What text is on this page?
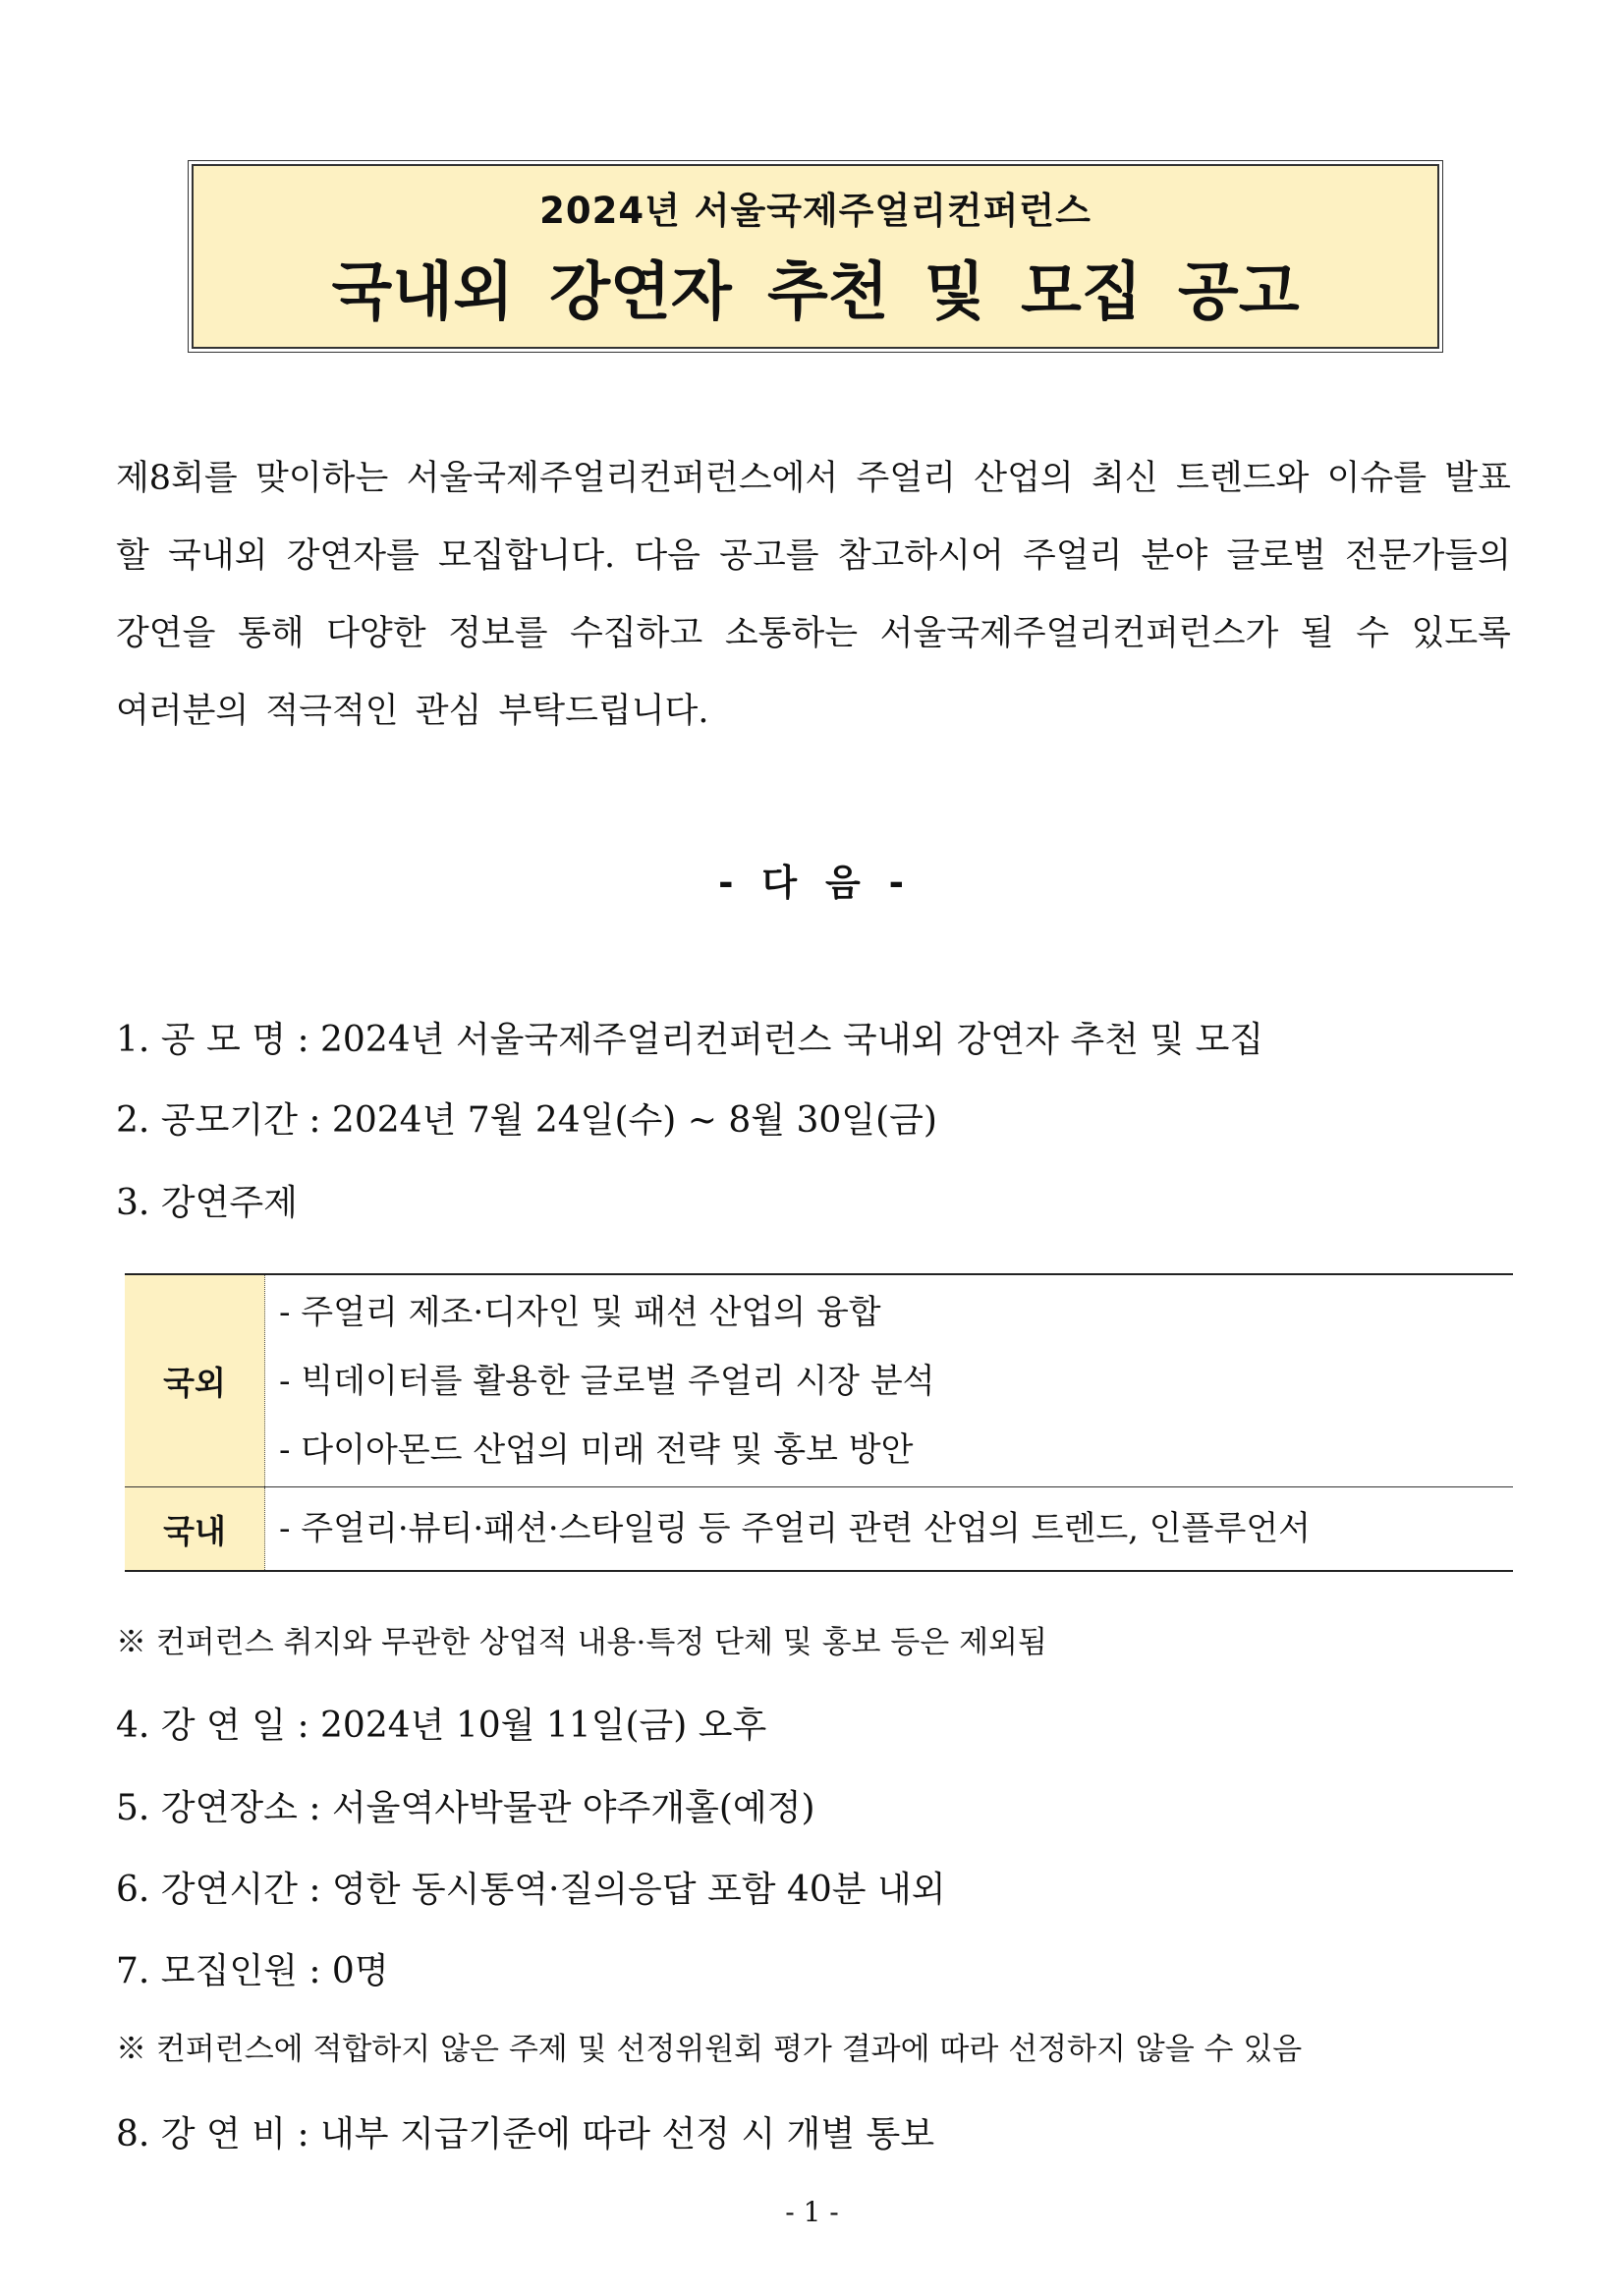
2024년 서울국제주얼리컨퍼런스
국내외 강연자 추천 및 모집 공고
제8회를 맞이하는 서울국제주얼리컨퍼런스에서 주얼리 산업의 최신 트렌드와 이슈를 발표할 국내외 강연자를 모집합니다. 다음 공고를 참고하시어 주얼리 분야 글로벌 전문가들의 강연을 통해 다양한 정보를 수집하고 소통하는 서울국제주얼리컨퍼런스가 될 수 있도록 여러분의 적극적인 관심 부탁드립니다.
- 다 음 -
1. 공 모 명 : 2024년 서울국제주얼리컨퍼런스 국내외 강연자 추천 및 모집
2. 공모기간 : 2024년 7월 24일(수) ~ 8월 30일(금)
3. 강연주제
국외	- 주얼리 제조·디자인 및 패션 산업의 융합
- 빅데이터를 활용한 글로벌 주얼리 시장 분석
- 다이아몬드 산업의 미래 전략 및 홍보 방안

국내	- 주얼리·뷰티·패션·스타일링 등 주얼리 관련 산업의 트렌드, 인플루언서
※ 컨퍼런스 취지와 무관한 상업적 내용·특정 단체 및 홍보 등은 제외됨
4. 강 연 일 : 2024년 10월 11일(금) 오후
5. 강연장소 : 서울역사박물관 야주개홀(예정)
6. 강연시간 : 영한 동시통역·질의응답 포함 40분 내외
7. 모집인원 : 0명
※ 컨퍼런스에 적합하지 않은 주제 및 선정위원회 평가 결과에 따라 선정하지 않을 수 있음
8. 강 연 비 : 내부 지급기준에 따라 선정 시 개별 통보
- 1 -
